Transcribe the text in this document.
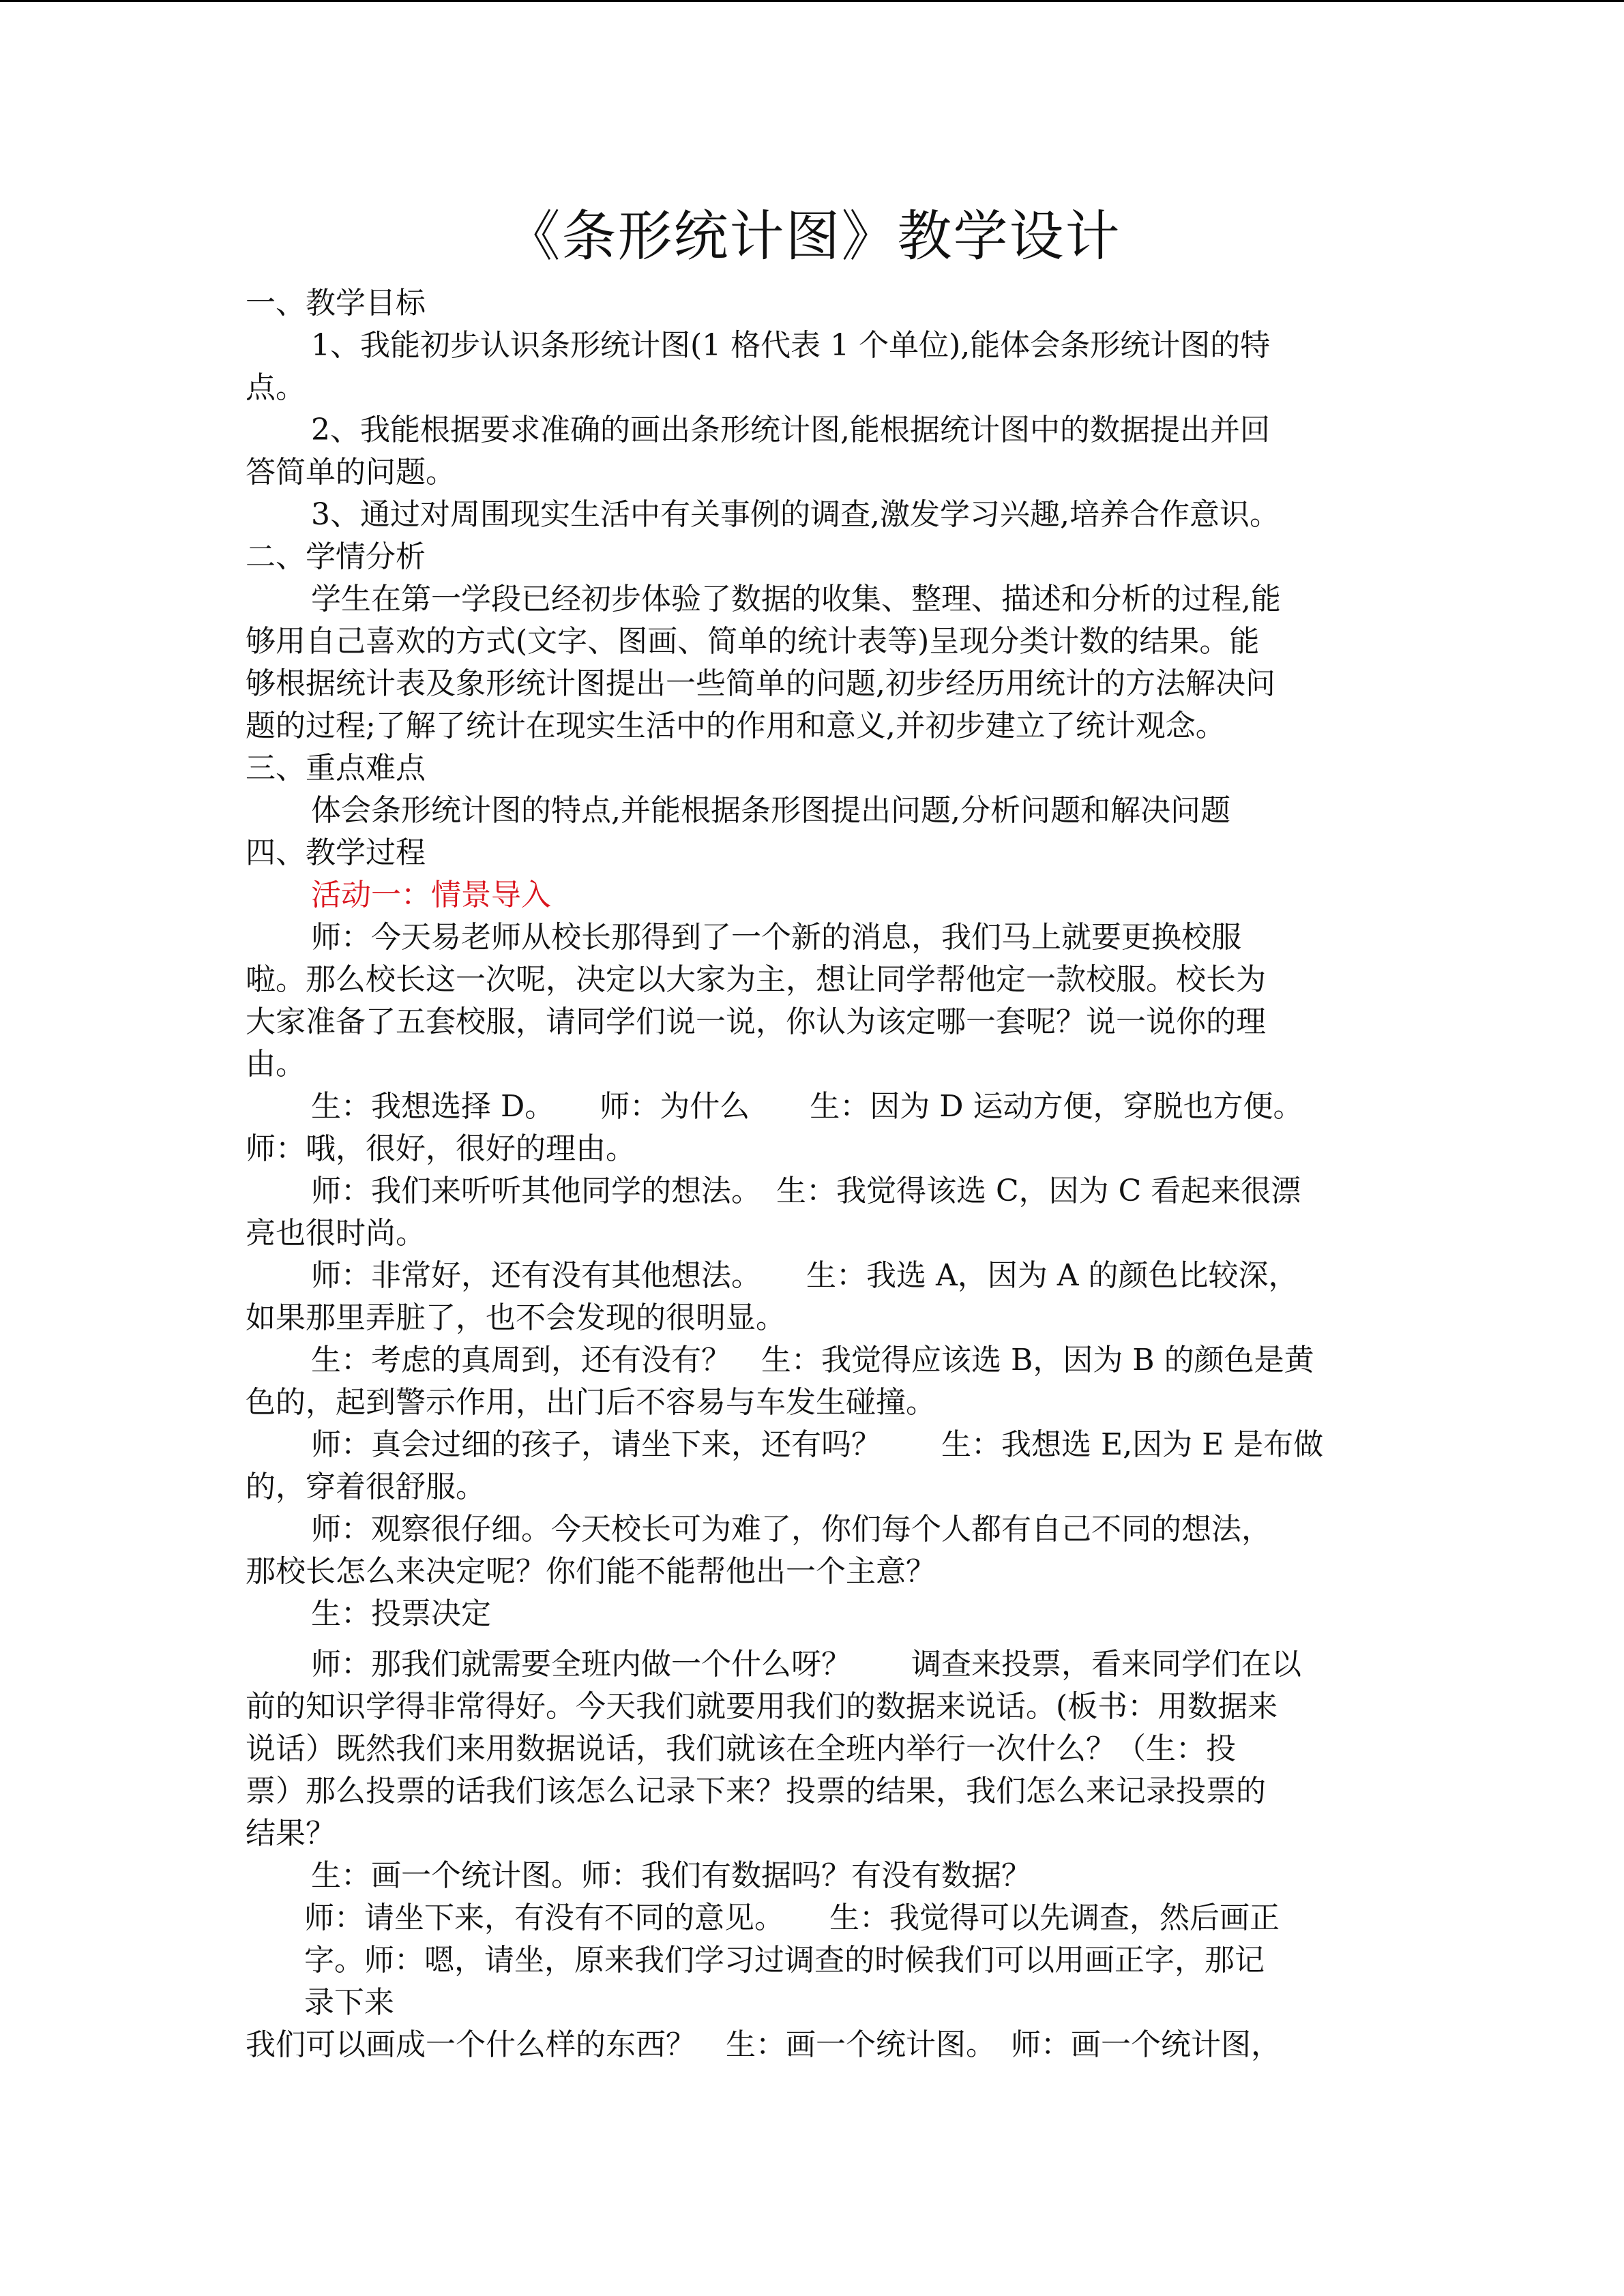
《条形统计图》教学设计
一、教学目标
1、我能初步认识条形统计图(1 格代表 1 个单位),能体会条形统计图的特
点。
2、我能根据要求准确的画出条形统计图,能根据统计图中的数据提出并回
答简单的问题。
3、通过对周围现实生活中有关事例的调查,激发学习兴趣,培养合作意识。
二、学情分析
学生在第一学段已经初步体验了数据的收集、整理、描述和分析的过程,能
够用自己喜欢的方式(文字、图画、简单的统计表等)呈现分类计数的结果。能
够根据统计表及象形统计图提出一些简单的问题,初步经历用统计的方法解决问
题的过程;了解了统计在现实生活中的作用和意义,并初步建立了统计观念。
三、重点难点
体会条形统计图的特点,并能根据条形图提出问题,分析问题和解决问题
四、教学过程
活动一：情景导入
师：今天易老师从校长那得到了一个新的消息，我们马上就要更换校服
啦。那么校长这一次呢，决定以大家为主，想让同学帮他定一款校服。校长为
大家准备了五套校服，请同学们说一说，你认为该定哪一套呢？说一说你的理
由。
生：我想选择 D。　　师：为什么　　生：因为 D 运动方便，穿脱也方便。
师：哦，很好，很好的理由。
师：我们来听听其他同学的想法。　生：我觉得该选 C，因为 C 看起来很漂
亮也很时尚。
师：非常好，还有没有其他想法。　　生：我选 A，因为 A 的颜色比较深，
如果那里弄脏了，也不会发现的很明显。
生：考虑的真周到，还有没有？　生：我觉得应该选 B，因为 B 的颜色是黄
色的，起到警示作用，出门后不容易与车发生碰撞。
师：真会过细的孩子，请坐下来，还有吗？　　生：我想选 E,因为 E 是布做
的，穿着很舒服。
师：观察很仔细。今天校长可为难了，你们每个人都有自己不同的想法，
那校长怎么来决定呢？你们能不能帮他出一个主意？
生：投票决定
师：那我们就需要全班内做一个什么呀？　　调查来投票，看来同学们在以
前的知识学得非常得好。今天我们就要用我们的数据来说话。(板书：用数据来
说话）既然我们来用数据说话，我们就该在全班内举行一次什么？（生：投
票）那么投票的话我们该怎么记录下来？投票的结果，我们怎么来记录投票的
结果？
生：画一个统计图。师：我们有数据吗？有没有数据？
师：请坐下来，有没有不同的意见。　　生：我觉得可以先调查，然后画正
字。师：嗯，请坐，原来我们学习过调查的时候我们可以用画正字，那记
录下来
我们可以画成一个什么样的东西？　生：画一个统计图。　师：画一个统计图，
